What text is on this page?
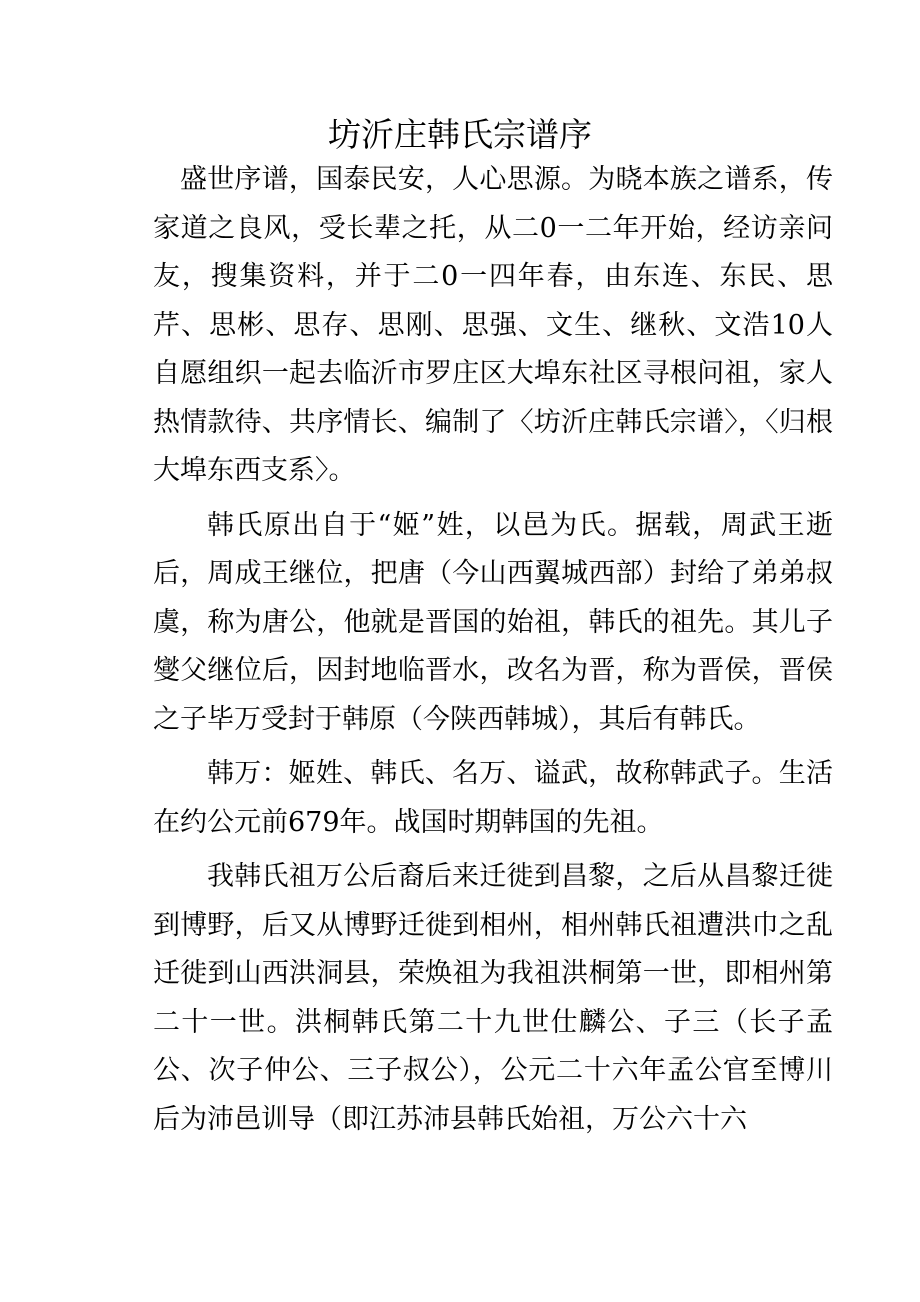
坊沂庄韩氏宗谱序

盛世序谱，国泰民安，人心思源。为晓本族之谱系，传家道之良风，受长辈之托，从二0一二年开始，经访亲问友，搜集资料，并于二0一四年春，由东连、东民、思芹、思彬、思存、思刚、思强、文生、继秋、文浩10人自愿组织一起去临沂市罗庄区大埠东社区寻根问祖，家人热情款待、共序情长、编制了〈坊沂庄韩氏宗谱〉，〈归根大埠东西支系〉。

韩氏原出自于“姬”姓，以邑为氏。据载，周武王逝后，周成王继位，把唐（今山西翼城西部）封给了弟弟叔虞，称为唐公，他就是晋国的始祖，韩氏的祖先。其儿子燮父继位后，因封地临晋水，改名为晋，称为晋侯，晋侯之子毕万受封于韩原（今陕西韩城），其后有韩氏。

韩万：姬姓、韩氏、名万、谥武，故称韩武子。生活在约公元前679年。战国时期韩国的先祖。

我韩氏祖万公后裔后来迁徙到昌黎，之后从昌黎迁徙到博野，后又从博野迁徙到相州，相州韩氏祖遭洪巾之乱迁徙到山西洪洞县，荣焕祖为我祖洪桐第一世，即相州第二十一世。洪桐韩氏第二十九世仕麟公、子三（长子孟公、次子仲公、三子叔公），公元二十六年孟公官至博川后为沛邑训导（即江苏沛县韩氏始祖，万公六十六
